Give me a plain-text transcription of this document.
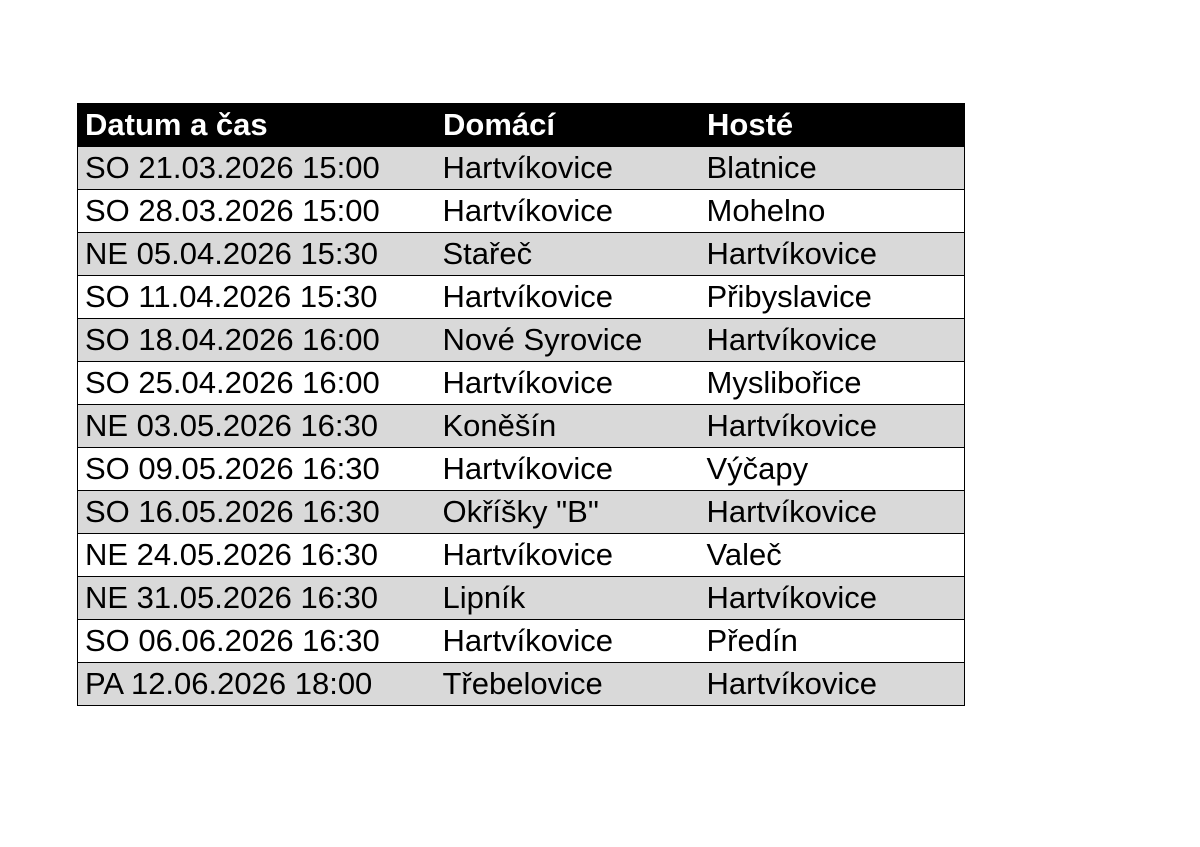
Datum a čas	Domácí	Hosté
SO 21.03.2026 15:00	Hartvíkovice	Blatnice
SO 28.03.2026 15:00	Hartvíkovice	Mohelno
NE 05.04.2026 15:30	Stařeč	Hartvíkovice
SO 11.04.2026 15:30	Hartvíkovice	Přibyslavice
SO 18.04.2026 16:00	Nové Syrovice	Hartvíkovice
SO 25.04.2026 16:00	Hartvíkovice	Myslibořice
NE 03.05.2026 16:30	Koněšín	Hartvíkovice
SO 09.05.2026 16:30	Hartvíkovice	Výčapy
SO 16.05.2026 16:30	Okříšky "B"	Hartvíkovice
NE 24.05.2026 16:30	Hartvíkovice	Valeč
NE 31.05.2026 16:30	Lipník	Hartvíkovice
SO 06.06.2026 16:30	Hartvíkovice	Předín
PA 12.06.2026 18:00	Třebelovice	Hartvíkovice
